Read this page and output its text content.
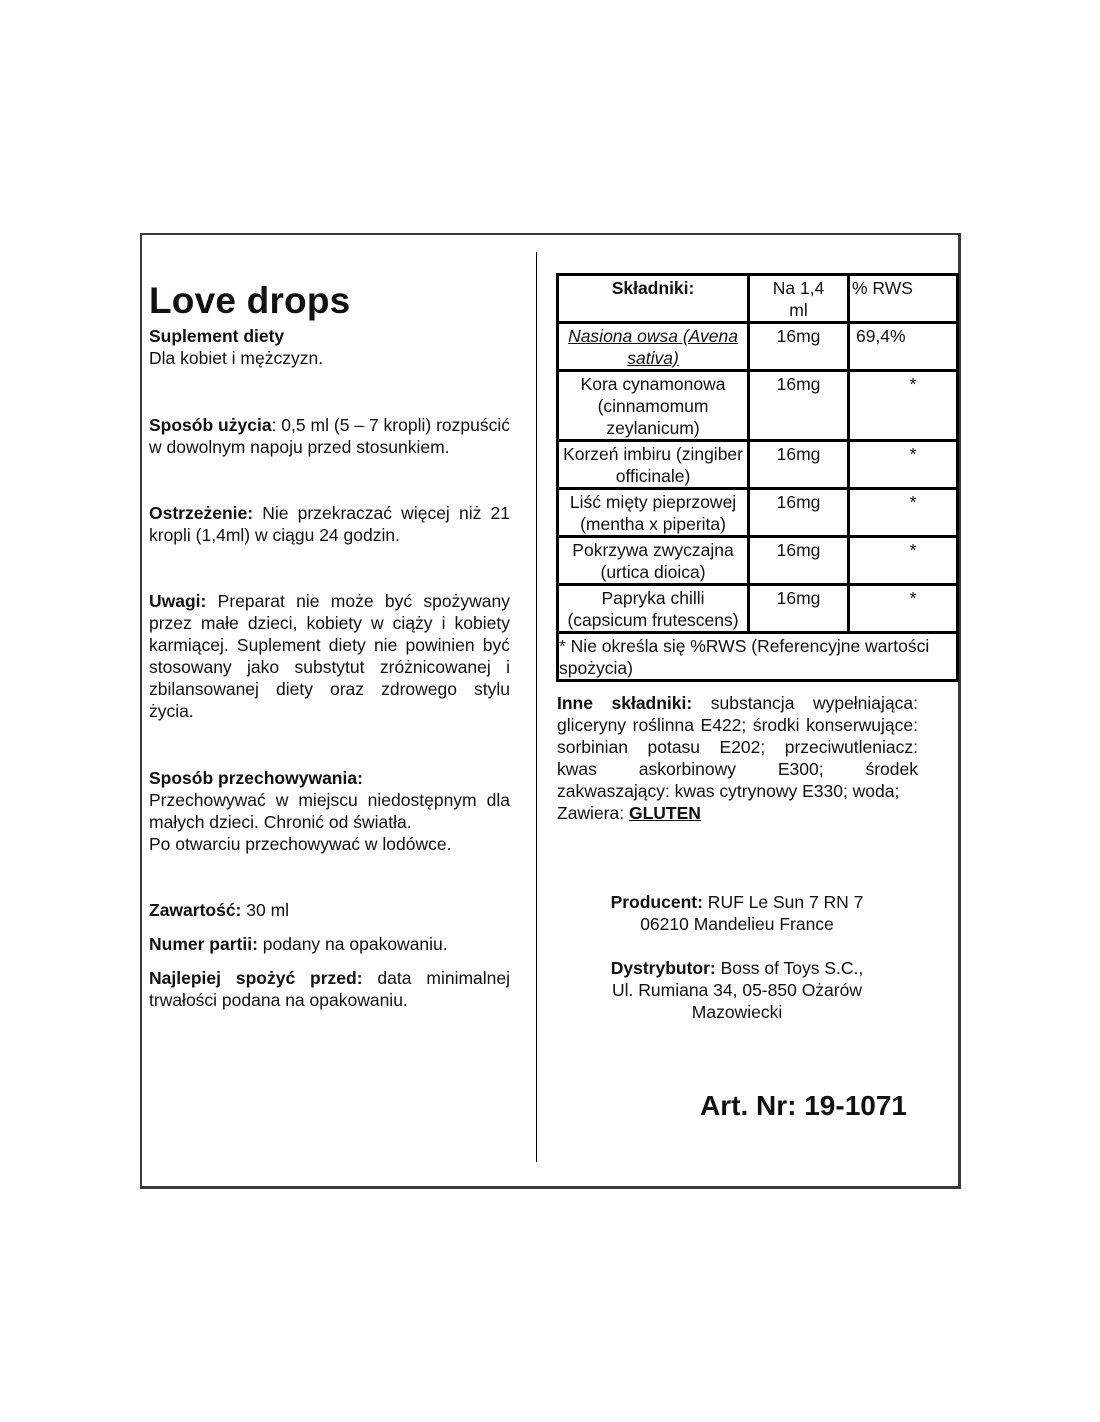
Love drops

Suplement diety

Dla kobiet i mężczyzn.

Sposób użycia: 0,5 ml (5 – 7 kropli) rozpuścić w dowolnym napoju przed stosunkiem.

Ostrzeżenie: Nie przekraczać więcej niż 21 kropli (1,4ml) w ciągu 24 godzin.

Uwagi: Preparat nie może być spożywany przez małe dzieci, kobiety w ciąży i kobiety karmiącej. Suplement diety nie powinien być stosowany jako substytut zróżnicowanej i zbilansowanej diety oraz zdrowego stylu życia.

Sposób przechowywania:
Przechowywać w miejscu niedostępnym dla małych dzieci. Chronić od światła.
Po otwarciu przechowywać w lodówce.

Zawartość: 30 ml

Numer partii: podany na opakowaniu.

Najlepiej spożyć przed: data minimalnej trwałości podana na opakowaniu.

Składniki:	Na 1,4 ml	% RWS
Nasiona owsa (Avena sativa)	16mg	69,4%
Kora cynamonowa (cinnamomum zeylanicum)	16mg	*
Korzeń imbiru (zingiber officinale)	16mg	*
Liść mięty pieprzowej (mentha x piperita)	16mg	*
Pokrzywa zwyczajna (urtica dioica)	16mg	*
Papryka chilli (capsicum frutescens)	16mg	*
* Nie określa się %RWS (Referencyjne wartości spożycia)		

Inne składniki: substancja wypełniająca: gliceryny roślinna E422; środki konserwujące: sorbinian potasu E202; przeciwutleniacz: kwas askorbinowy E300; środek zakwaszający: kwas cytrynowy E330; woda;

Zawiera: GLUTEN

Producent: RUF Le Sun 7 RN 7

06210 Mandelieu France

Dystrybutor: Boss of Toys S.C.,

Ul. Rumiana 34, 05-850 Ożarów

Mazowiecki

Art. Nr: 19-1071
